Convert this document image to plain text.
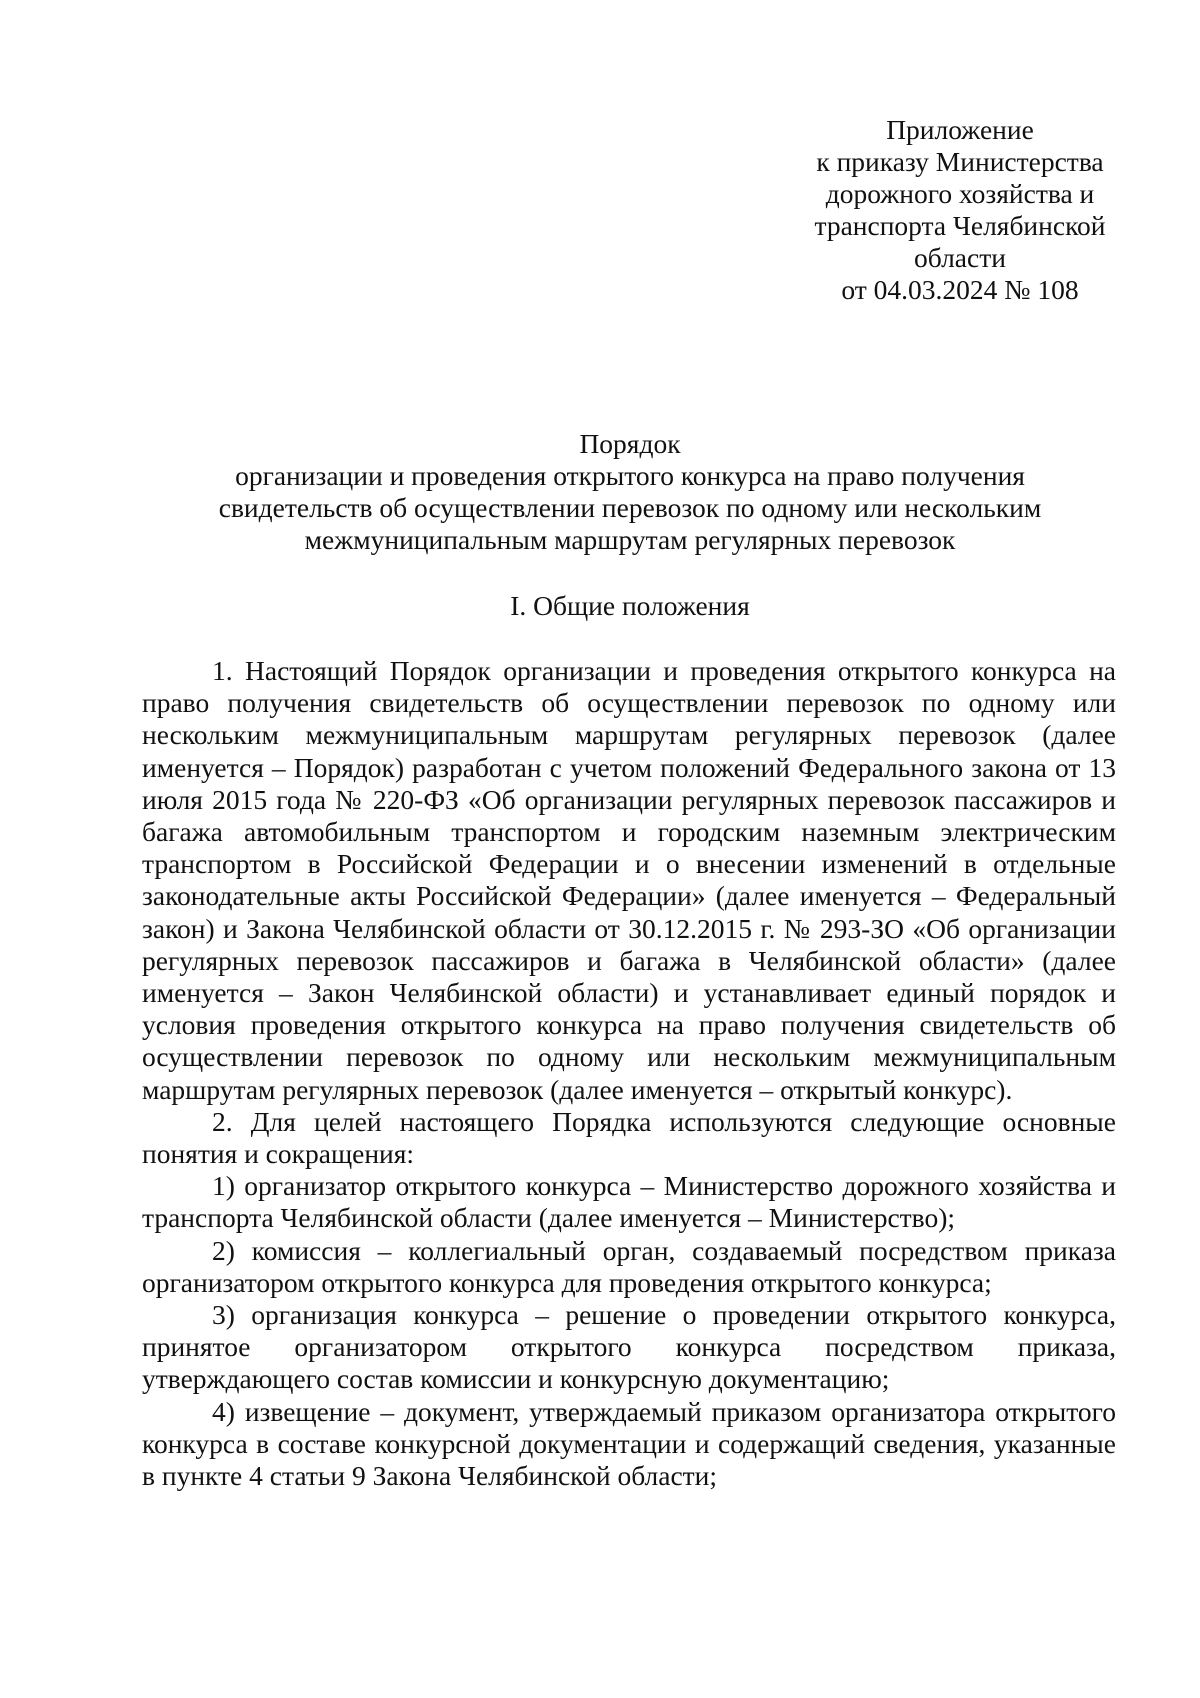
Приложение
к приказу Министерства
дорожного хозяйства и
транспорта Челябинской
области
от 04.03.2024 № 108
Порядок
организации и проведения открытого конкурса на право получения
свидетельств об осуществлении перевозок по одному или нескольким
межмуниципальным маршрутам регулярных перевозок
I. Общие положения

1. Настоящий Порядок организации и проведения открытого конкурса на право получения свидетельств об осуществлении перевозок по одному или нескольким межмуниципальным маршрутам регулярных перевозок (далее именуется – Порядок) разработан с учетом положений Федерального закона от 13 июля 2015 года № 220-ФЗ «Об организации регулярных перевозок пассажиров и багажа автомобильным транспортом и городским наземным электрическим транспортом в Российской Федерации и о внесении изменений в отдельные законодательные акты Российской Федерации» (далее именуется – Федеральный закон) и Закона Челябинской области от 30.12.2015 г. № 293-ЗО «Об организации регулярных перевозок пассажиров и багажа в Челябинской области» (далее именуется – Закон Челябинской области) и устанавливает единый порядок и условия проведения открытого конкурса на право получения свидетельств об осуществлении перевозок по одному или нескольким межмуниципальным маршрутам регулярных перевозок (далее именуется – открытый конкурс).

2. Для целей настоящего Порядка используются следующие основные понятия и сокращения:

1) организатор открытого конкурса – Министерство дорожного хозяйства и транспорта Челябинской области (далее именуется – Министерство);

2) комиссия – коллегиальный орган, создаваемый посредством приказа организатором открытого конкурса для проведения открытого конкурса;

3) организация конкурса – решение о проведении открытого конкурса, принятое организатором открытого конкурса посредством приказа, утверждающего состав комиссии и конкурсную документацию;

4) извещение – документ, утверждаемый приказом организатора открытого конкурса в составе конкурсной документации и содержащий сведения, указанные в пункте 4 статьи 9 Закона Челябинской области;
